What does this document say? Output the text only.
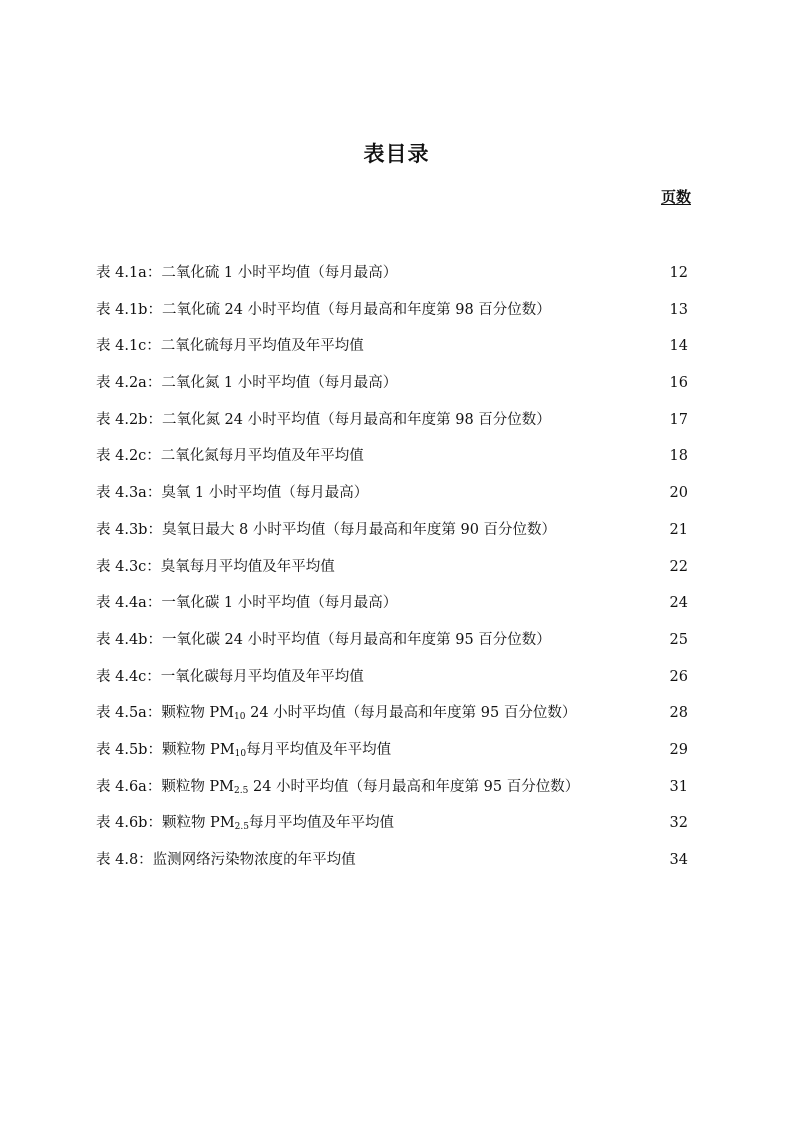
表目录
页数
表 4.1a：二氧化硫 1 小时平均值（每月最高）	12
表 4.1b：二氧化硫 24 小时平均值（每月最高和年度第 98 百分位数）	13
表 4.1c：二氧化硫每月平均值及年平均值	14
表 4.2a：二氧化氮 1 小时平均值（每月最高）	16
表 4.2b：二氧化氮 24 小时平均值（每月最高和年度第 98 百分位数）	17
表 4.2c：二氧化氮每月平均值及年平均值	18
表 4.3a：臭氧 1 小时平均值（每月最高）	20
表 4.3b：臭氧日最大 8 小时平均值（每月最高和年度第 90 百分位数）	21
表 4.3c：臭氧每月平均值及年平均值	22
表 4.4a：一氧化碳 1 小时平均值（每月最高）	24
表 4.4b：一氧化碳 24 小时平均值（每月最高和年度第 95 百分位数）	25
表 4.4c：一氧化碳每月平均值及年平均值	26
表 4.5a：颗粒物 $PM_{10}$ 24 小时平均值（每月最高和年度第 95 百分位数）	28
表 4.5b：颗粒物 $PM_{10}$每月平均值及年平均值	29
表 4.6a：颗粒物 $PM_{2.5}$ 24 小时平均值（每月最高和年度第 95 百分位数）	31
表 4.6b：颗粒物 $PM_{2.5}$每月平均值及年平均值	32
表 4.8：监测网络污染物浓度的年平均值	34
